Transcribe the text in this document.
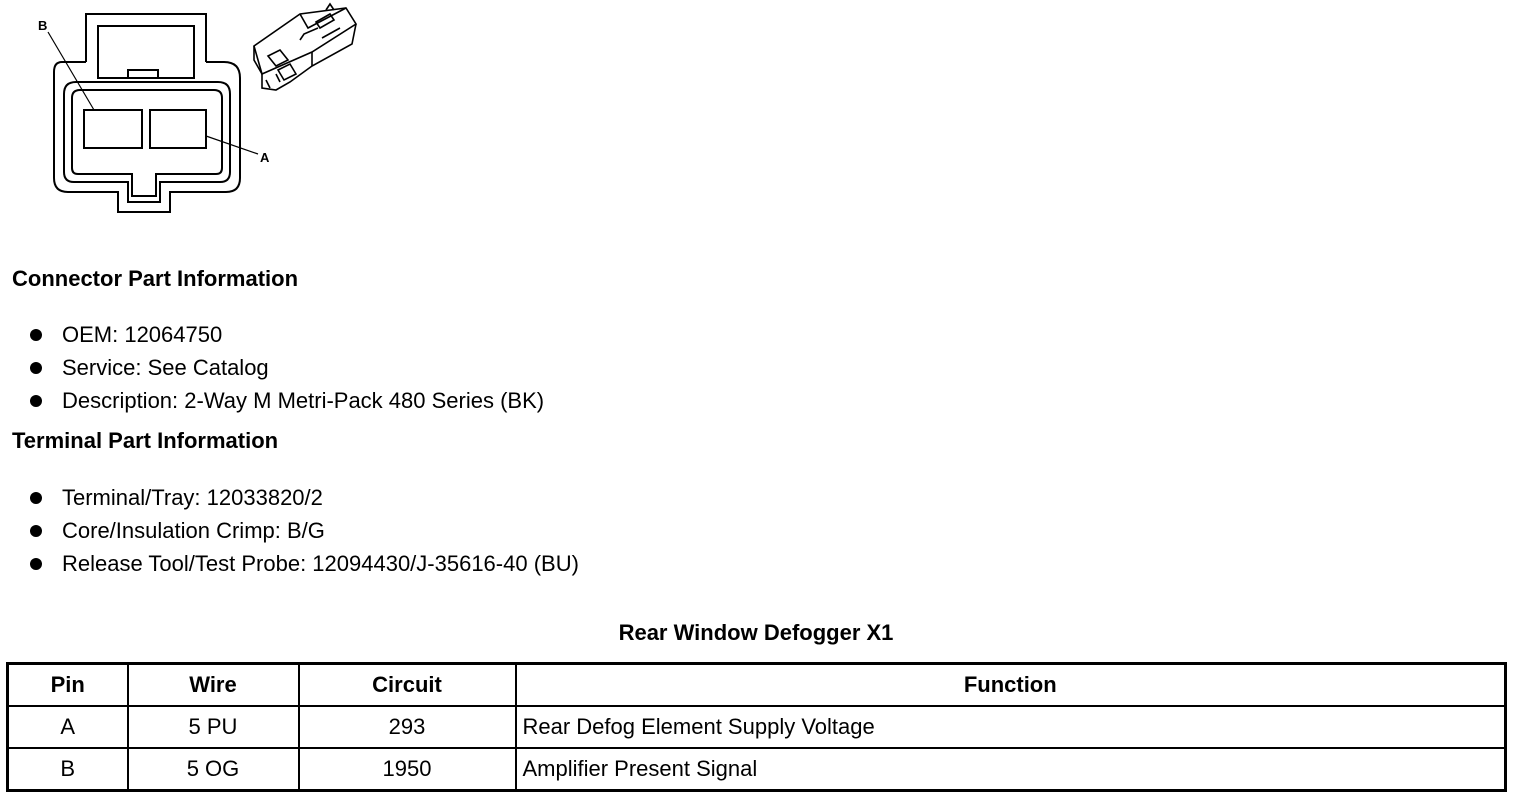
B
A
Connector Part Information
OEM: 12064750
Service: See Catalog
Description: 2-Way M Metri-Pack 480 Series (BK)
Terminal Part Information
Terminal/Tray: 12033820/2
Core/Insulation Crimp: B/G
Release Tool/Test Probe: 12094430/J-35616-40 (BU)
Rear Window Defogger X1
Pin	Wire	Circuit	Function
A	5 PU	293	Rear Defog Element Supply Voltage
B	5 OG	1950	Amplifier Present Signal
